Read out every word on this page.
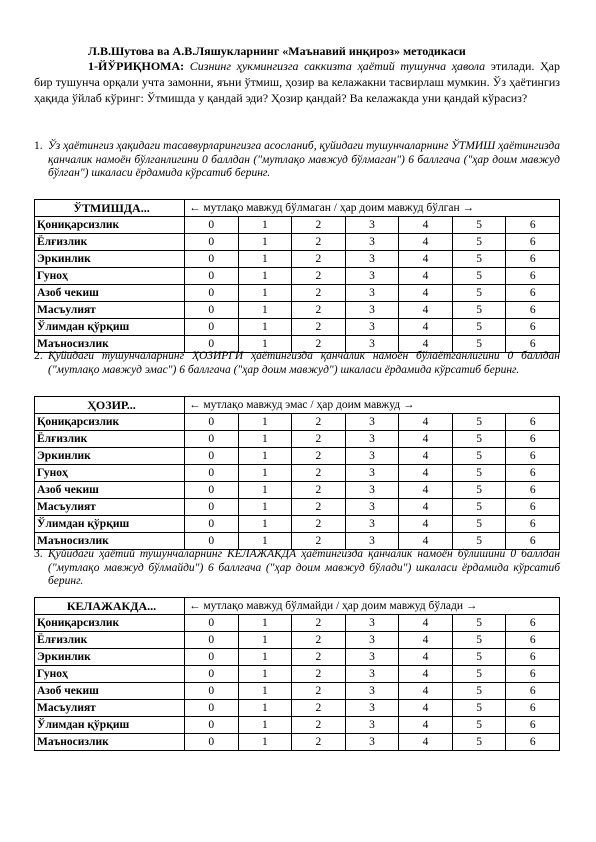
Л.В.Шутова ва А.В.Ляшукларнинг «Маънавий инқироз» методикаси
1-ЙЎРИҚНОМА: Сизнинг ҳукмингизга саккизта ҳаётий тушунча ҳавола этилади. Ҳар бир тушунча орқали учта замонни, яъни ўтмиш, ҳозир ва келажакни тасвирлаш мумкин. Ўз ҳаётингиз ҳақида ўйлаб кўринг: Ўтмишда у қандай эди? Ҳозир қандай? Ва келажакда уни қандай кўрасиз?
1. Ўз ҳаётингиз ҳақидаги тасаввурларингизга асосланиб, қуйидаги тушунчаларнинг ЎТМИШ ҳаётингизда қанчалик намоён бўлганлигини 0 баллдан ("мутлақо мавжуд бўлмаган") 6 баллгача ("ҳар доим мавжуд бўлган") шкаласи ёрдамида кўрсатиб беринг.
ЎТМИШДА...	← мутлақо мавжуд бўлмаган / ҳар доим мавжуд бўлган →						
Қониқарсизлик	0	1	2	3	4	5	6
Ёлғизлик	0	1	2	3	4	5	6
Эркинлик	0	1	2	3	4	5	6
Гуноҳ	0	1	2	3	4	5	6
Азоб чекиш	0	1	2	3	4	5	6
Масъулият	0	1	2	3	4	5	6
Ўлимдан қўрқиш	0	1	2	3	4	5	6
Маъносизлик	0	1	2	3	4	5	6
2. Қуйидаги тушунчаларнинг ҲОЗИРГИ ҳаётингизда қанчалик намоён бўлаётганлигини 0 баллдан ("мутлақо мавжуд эмас") 6 баллгача ("ҳар доим мавжуд") шкаласи ёрдамида кўрсатиб беринг.
ҲОЗИР...	← мутлақо мавжуд эмас / ҳар доим мавжуд →						
Қониқарсизлик	0	1	2	3	4	5	6
Ёлғизлик	0	1	2	3	4	5	6
Эркинлик	0	1	2	3	4	5	6
Гуноҳ	0	1	2	3	4	5	6
Азоб чекиш	0	1	2	3	4	5	6
Масъулият	0	1	2	3	4	5	6
Ўлимдан қўрқиш	0	1	2	3	4	5	6
Маъносизлик	0	1	2	3	4	5	6
3. Қуйидаги ҳаётий тушунчаларнинг КЕЛАЖАКДА ҳаётингизда қанчалик намоён бўлишини 0 баллдан ("мутлақо мавжуд бўлмайди") 6 баллгача ("ҳар доим мавжуд бўлади") шкаласи ёрдамида кўрсатиб беринг.
КЕЛАЖАКДА...	← мутлақо мавжуд бўлмайди / ҳар доим мавжуд бўлади →						
Қониқарсизлик	0	1	2	3	4	5	6
Ёлғизлик	0	1	2	3	4	5	6
Эркинлик	0	1	2	3	4	5	6
Гуноҳ	0	1	2	3	4	5	6
Азоб чекиш	0	1	2	3	4	5	6
Масъулият	0	1	2	3	4	5	6
Ўлимдан қўрқиш	0	1	2	3	4	5	6
Маъносизлик	0	1	2	3	4	5	6
